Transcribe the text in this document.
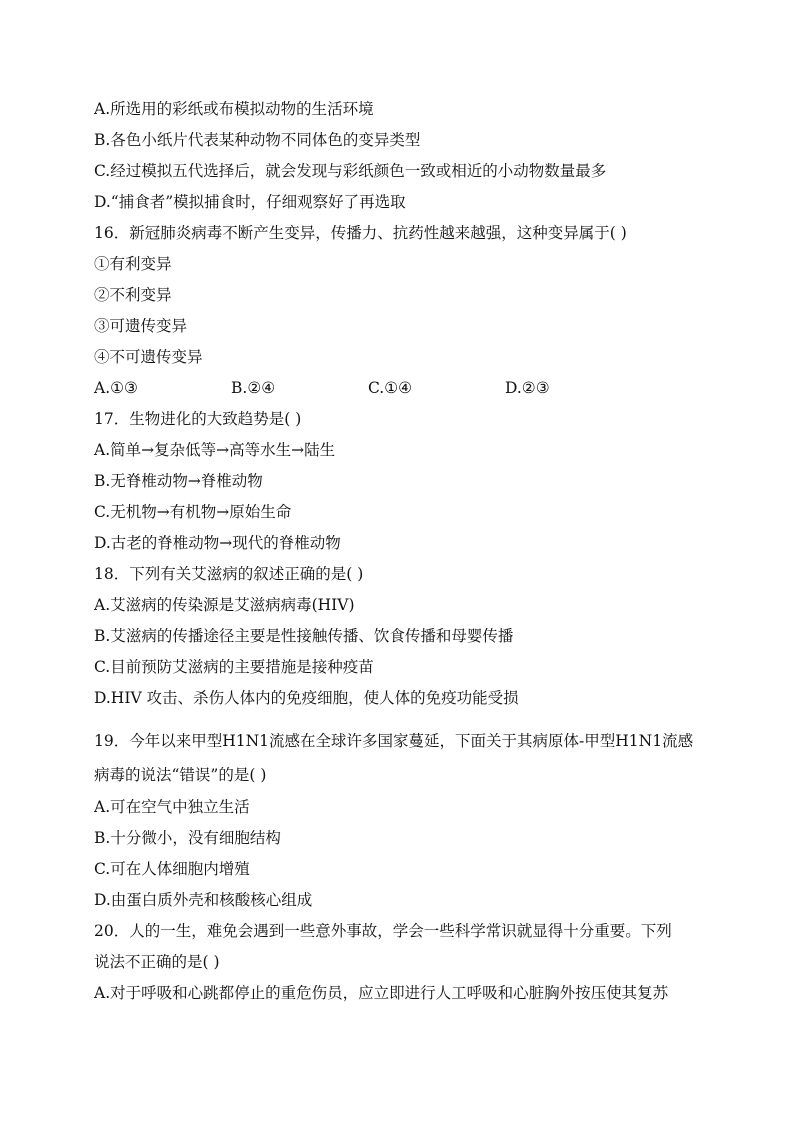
A.所选用的彩纸或布模拟动物的生活环境
B.各色小纸片代表某种动物不同体色的变异类型
C.经过模拟五代选择后，就会发现与彩纸颜色一致或相近的小动物数量最多
D.“捕食者”模拟捕食时，仔细观察好了再选取
16．新冠肺炎病毒不断产生变异，传播力、抗药性越来越强，这种变异属于( )
①有利变异
②不利变异
③可遗传变异
④不可遗传变异
A.①③	B.②④	C.①④	D.②③
17．生物进化的大致趋势是( )
A.简单→复杂低等→高等水生→陆生
B.无脊椎动物→脊椎动物
C.无机物→有机物→原始生命
D.古老的脊椎动物→现代的脊椎动物
18．下列有关艾滋病的叙述正确的是( )
A.艾滋病的传染源是艾滋病病毒(HIV)
B.艾滋病的传播途径主要是性接触传播、饮食传播和母婴传播
C.目前预防艾滋病的主要措施是接种疫苗
D.HIV 攻击、杀伤人体内的免疫细胞，使人体的免疫功能受损
19．今年以来甲型H1N1流感在全球许多国家蔓延，下面关于其病原体-甲型H1N1流感
病毒的说法“错误”的是( )
A.可在空气中独立生活
B.十分微小，没有细胞结构
C.可在人体细胞内增殖
D.由蛋白质外壳和核酸核心组成
20．人的一生，难免会遇到一些意外事故，学会一些科学常识就显得十分重要。下列
说法不正确的是( )
A.对于呼吸和心跳都停止的重危伤员，应立即进行人工呼吸和心脏胸外按压使其复苏
